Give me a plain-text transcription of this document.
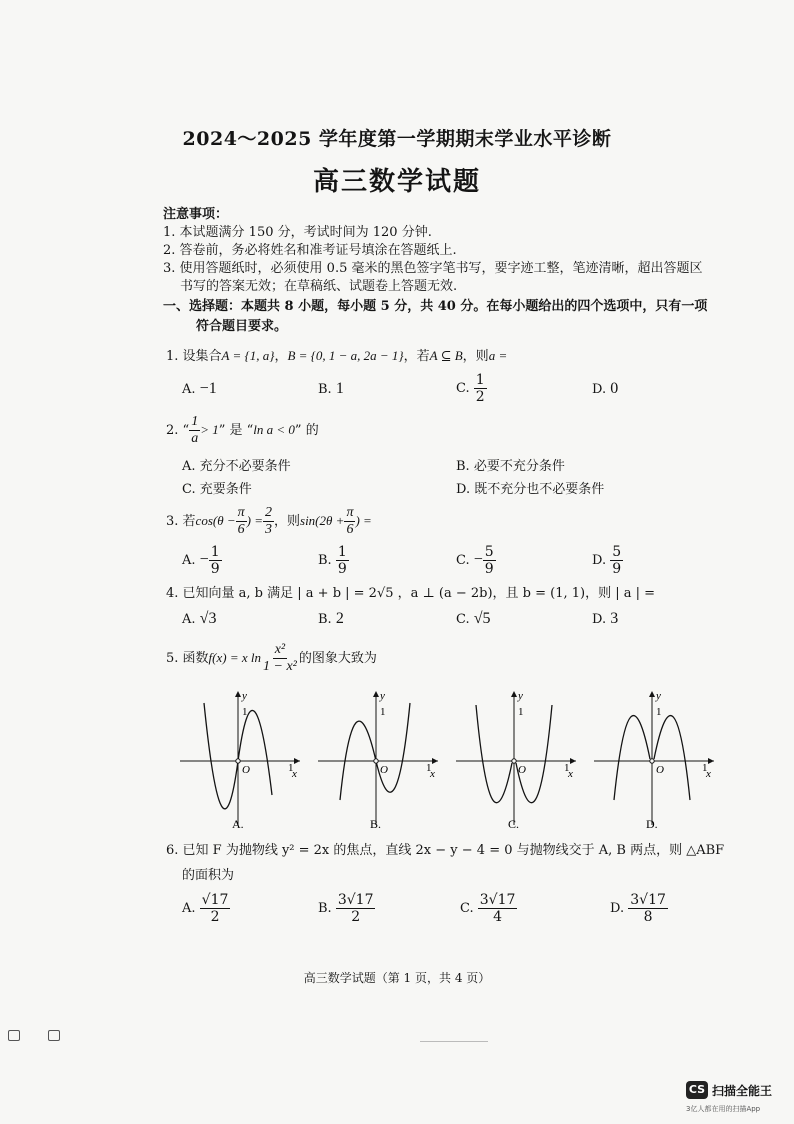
2024～2025 学年度第一学期期末学业水平诊断
高三数学试题
注意事项：
1. 本试题满分 150 分，考试时间为 120 分钟.
2. 答卷前，务必将姓名和准考证号填涂在答题纸上.
3. 使用答题纸时，必须使用 0.5 毫米的黑色签字笔书写，要字迹工整，笔迹清晰，超出答题区
书写的答案无效；在草稿纸、试题卷上答题无效.
一、选择题：本题共 8 小题，每小题 5 分，共 40 分。在每小题给出的四个选项中，只有一项
符合题目要求。
1. 设集合A = {1, a}，B = {0, 1 − a, 2a − 1}，若A ⊆ B，则a =
A. −1	B. 1	C. $\frac{1}{2}$	D. 0
2. “ $\frac{1}{a} > 1$” 是 “ln a < 0” 的
A. 充分不必要条件	B. 必要不充分条件
C. 充要条件	D. 既不充分也不必要条件
3. 若$\cos(\theta - \frac{\pi}{6}$ ) = $\frac{2}{3}$ ，则$\sin(2\theta + \frac{\pi}{6}$ ) =
A. − $\frac{1}{9}$	B. $\frac{1}{9}$	C. − $\frac{5}{9}$	D. $\frac{5}{9}$
4. 已知向量 a, b 满足 | a + b | = 2√5 ，a ⊥ (a − 2b)，且 b = (1, 1)，则 | a | =
A. √3	B. 2	C. √5	D. 3
5. 函数f(x) = x $\ln \frac{\text{x²}}{\text{1 − x²}}$ 的图象大致为
y
1
x
O	1
A.
y
1
x
O	1
B.
y
1
x
O	1
C.
y
1
x
O	1
D.
6. 已知 F 为抛物线 y² = 2x 的焦点，直线 2x − y − 4 = 0 与抛物线交于 A, B 两点，则 △ABF
的面积为
A. $\frac{√17}{2}$	B. $\frac{3√17}{2}$	C. $\frac{3√17}{4}$	D. $\frac{3√17}{8}$
高三数学试题（第 1 页，共 4 页）
CS 扫描全能王
3亿人都在用的扫描App
